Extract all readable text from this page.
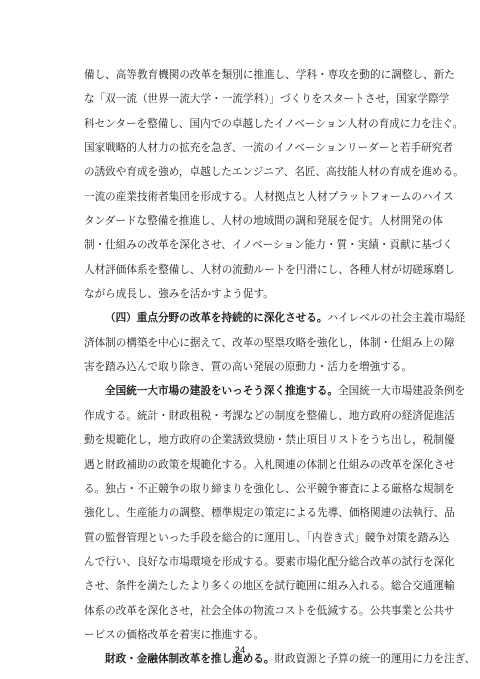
備し、高等教育機関の改革を類別に推進し、学科・専攻を動的に調整し、新た
な「双一流（世界一流大学・一流学科）」づくりをスタートさせ，国家学際学
科センターを整備し、国内での卓越したイノベーション人材の育成に力を注ぐ。
国家戦略的人材力の拡充を急ぎ、一流のイノベーションリーダーと若手研究者
の誘致や育成を強め，卓越したエンジニア、名匠、高技能人材の育成を進める。
一流の産業技術者集団を形成する。人材拠点と人材プラットフォームのハイス
タンダードな整備を推進し、人材の地域間の調和発展を促す。人材開発の体
制・仕組みの改革を深化させ、イノベーション能力・質・実績・貢献に基づく
人材評価体系を整備し、人材の流動ルートを円滑にし、各種人材が切磋琢磨し
ながら成長し、強みを活かすよう促す。
（四）重点分野の改革を持続的に深化させる。ハイレベルの社会主義市場経
済体制の構築を中心に据えて、改革の堅塁攻略を強化し，体制・仕組み上の障
害を踏み込んで取り除き、質の高い発展の原動力・活力を増強する。
全国統一大市場の建設をいっそう深く推進する。全国統一大市場建設条例を
作成する。統計・財政租税・考課などの制度を整備し、地方政府の経済促進活
動を規範化し，地方政府の企業誘致奨励・禁止項目リストをうち出し，税制優
遇と財政補助の政策を規範化する。入札関連の体制と仕組みの改革を深化させ
る。独占・不正競争の取り締まりを強化し、公平競争審査による厳格な規制を
強化し、生産能力の調整、標準規定の策定による先導、価格関連の法執行、品
質の監督管理といった手段を総合的に運用し、「内巻き式」競争対策を踏み込
んで行い、良好な市場環境を形成する。要素市場化配分総合改革の試行を深化
させ、条件を満たしたより多くの地区を試行範囲に組み入れる。総合交通運輸
体系の改革を深化させ，社会全体の物流コストを低減する。公共事業と公共サ
ービスの価格改革を着実に推進する。
財政・金融体制改革を推し進める。財政資源と予算の統一的運用に力を注ぎ、
24
